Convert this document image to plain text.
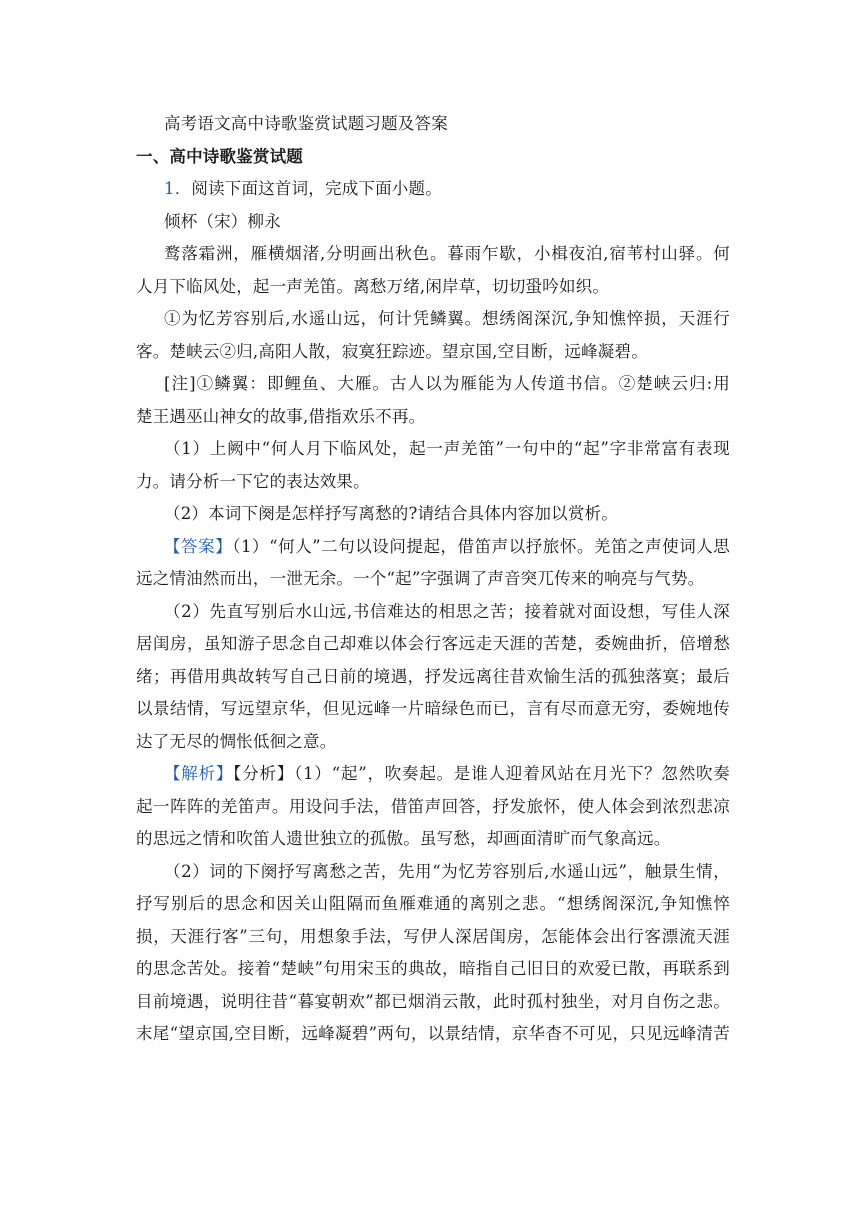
高考语文高中诗歌鉴赏试题习题及答案
一、高中诗歌鉴赏试题
1．阅读下面这首词，完成下面小题。
倾杯（宋）柳永
鹜落霜洲，雁横烟渚,分明画出秋色。暮雨乍歇，小楫夜泊,宿苇村山驿。何
人月下临风处，起一声羌笛。离愁万绪,闲岸草，切切蛩吟如织。
①为忆芳容别后,水遥山远，何计凭鳞翼。想绣阁深沉,争知憔悴损，天涯行
客。楚峡云②归,高阳人散，寂寞狂踪迹。望京国,空目断，远峰凝碧。
[注]①鳞翼：即鲤鱼、大雁。古人以为雁能为人传道书信。②楚峡云归:用
楚王遇巫山神女的故事,借指欢乐不再。
（1）上阙中“何人月下临风处，起一声羌笛”一句中的“起”字非常富有表现
力。请分析一下它的表达效果。
（2）本词下阕是怎样抒写离愁的?请结合具体内容加以赏析。
【答案】（1）“何人”二句以设问提起，借笛声以抒旅怀。羌笛之声使词人思
远之情油然而出，一泄无余。一个“起”字强调了声音突兀传来的响亮与气势。
（2）先直写别后水山远,书信难达的相思之苦；接着就对面设想，写佳人深
居闺房，虽知游子思念自己却难以体会行客远走天涯的苦楚，委婉曲折，倍增愁
绪；再借用典故转写自己日前的境遇，抒发远离往昔欢愉生活的孤独落寞；最后
以景结情，写远望京华，但见远峰一片暗绿色而已，言有尽而意无穷，委婉地传
达了无尽的惆怅低徊之意。
【解析】【分析】（1）“起”，吹奏起。是谁人迎着风站在月光下？忽然吹奏
起一阵阵的羌笛声。用设问手法，借笛声回答，抒发旅怀，使人体会到浓烈悲凉
的思远之情和吹笛人遗世独立的孤傲。虽写愁，却画面清旷而气象高远。
（2）词的下阕抒写离愁之苦，先用“为忆芳容别后,水遥山远”，触景生情，
抒写别后的思念和因关山阻隔而鱼雁难通的离别之悲。“想绣阁深沉,争知憔悴
损，天涯行客”三句，用想象手法，写伊人深居闺房，怎能体会出行客漂流天涯
的思念苦处。接着“楚峡”句用宋玉的典故，暗指自己旧日的欢爱已散，再联系到
目前境遇，说明往昔“暮宴朝欢”都已烟消云散，此时孤村独坐，对月自伤之悲。
末尾“望京国,空目断，远峰凝碧”两句，以景结情，京华杳不可见，只见远峰清苦
